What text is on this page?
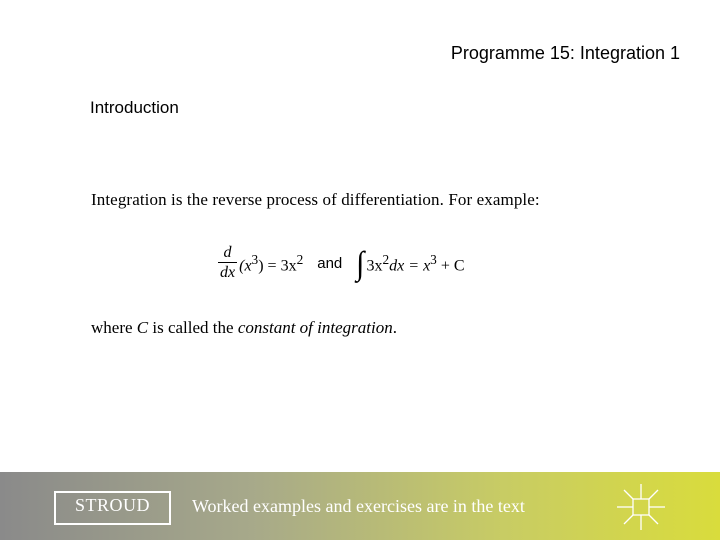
Programme 15: Integration 1
Introduction
Integration is the reverse process of differentiation. For example:
$\frac{d}{dx} (x^3) = 3x^2$ and ∫ $3x^2dx = x^3 + C$
where C is called the constant of integration.
STROUD	Worked examples and exercises are in the text
